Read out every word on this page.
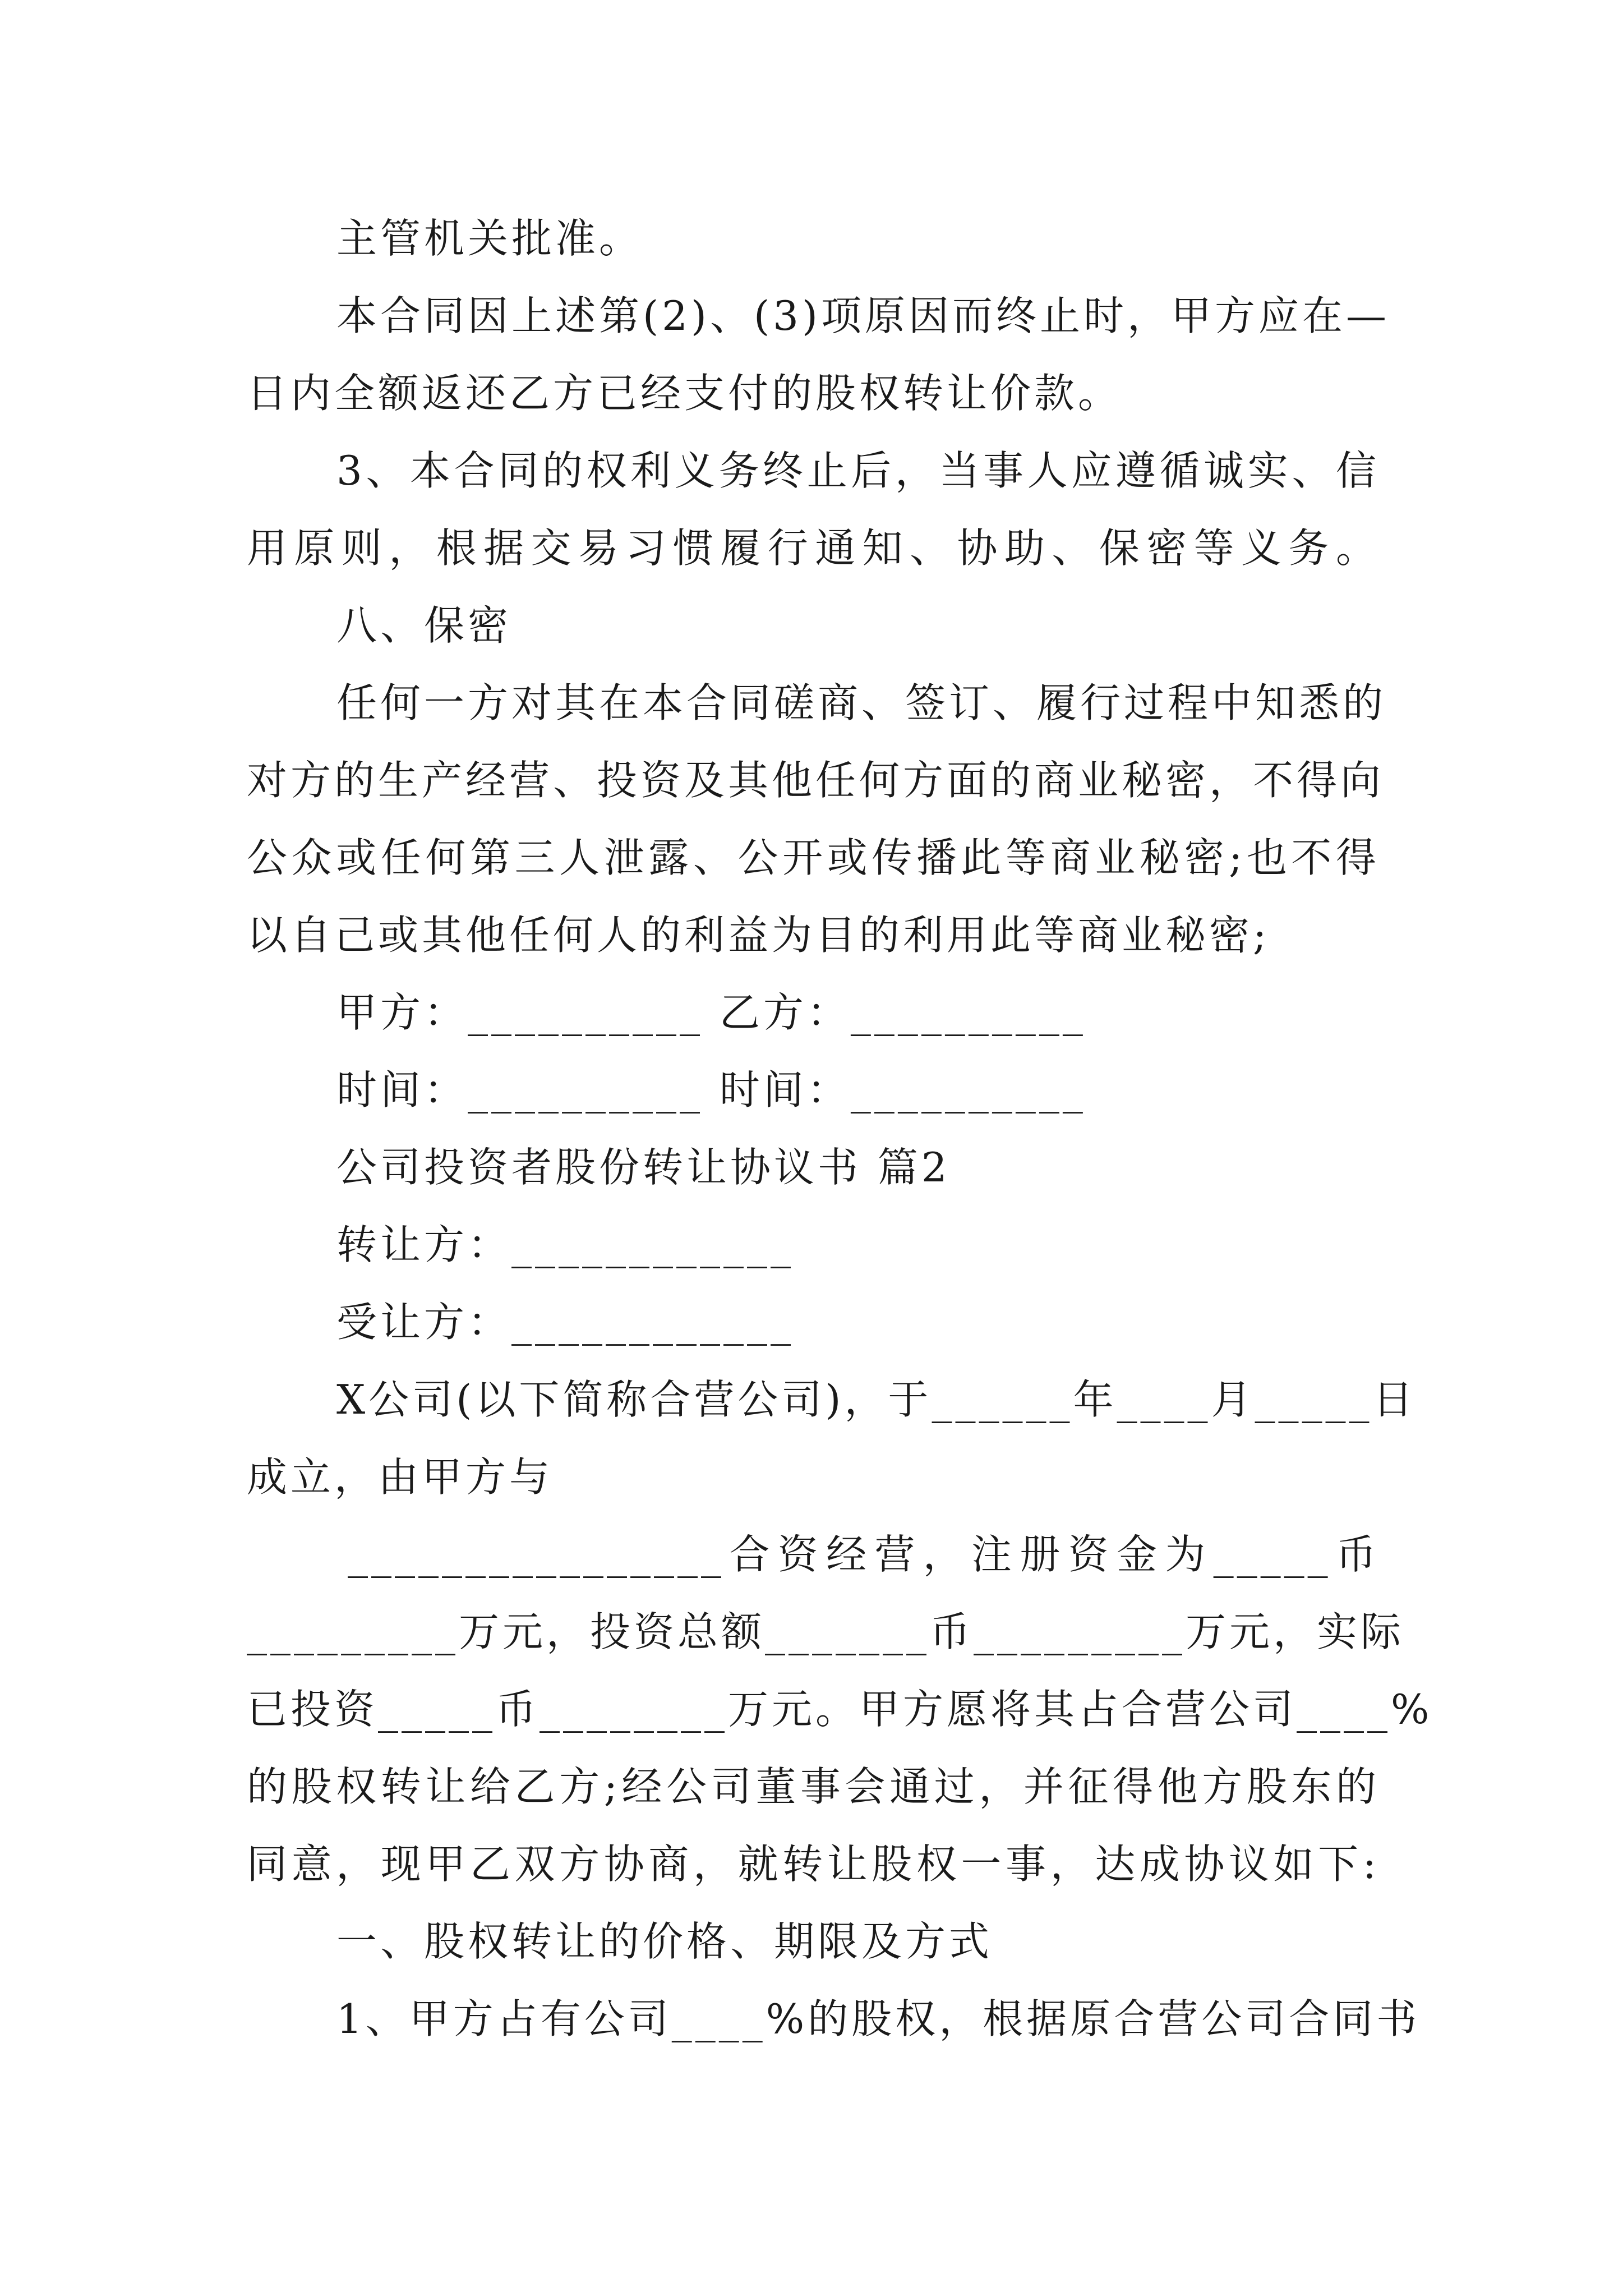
主管机关批准。
本合同因上述第(2)、(3)项原因而终止时，甲方应在—
日内全额返还乙方已经支付的股权转让价款。
3、本合同的权利义务终止后，当事人应遵循诚实、信
用原则，根据交易习惯履行通知、协助、保密等义务。
八、保密
任何一方对其在本合同磋商、签订、履行过程中知悉的
对方的生产经营、投资及其他任何方面的商业秘密，不得向
公众或任何第三人泄露、公开或传播此等商业秘密;也不得
以自己或其他任何人的利益为目的利用此等商业秘密;
甲方：__________ 乙方：__________
时间：__________ 时间：__________
公司投资者股份转让协议书 篇2
转让方：____________
受让方：____________
X公司(以下简称合营公司)，于______年____月_____日
成立，由甲方与
________________合资经营，注册资金为_____币
_________万元，投资总额_______币_________万元，实际
已投资_____币________万元。甲方愿将其占合营公司____%
的股权转让给乙方;经公司董事会通过，并征得他方股东的
同意，现甲乙双方协商，就转让股权一事，达成协议如下:
一、股权转让的价格、期限及方式
1、甲方占有公司____%的股权，根据原合营公司合同书
